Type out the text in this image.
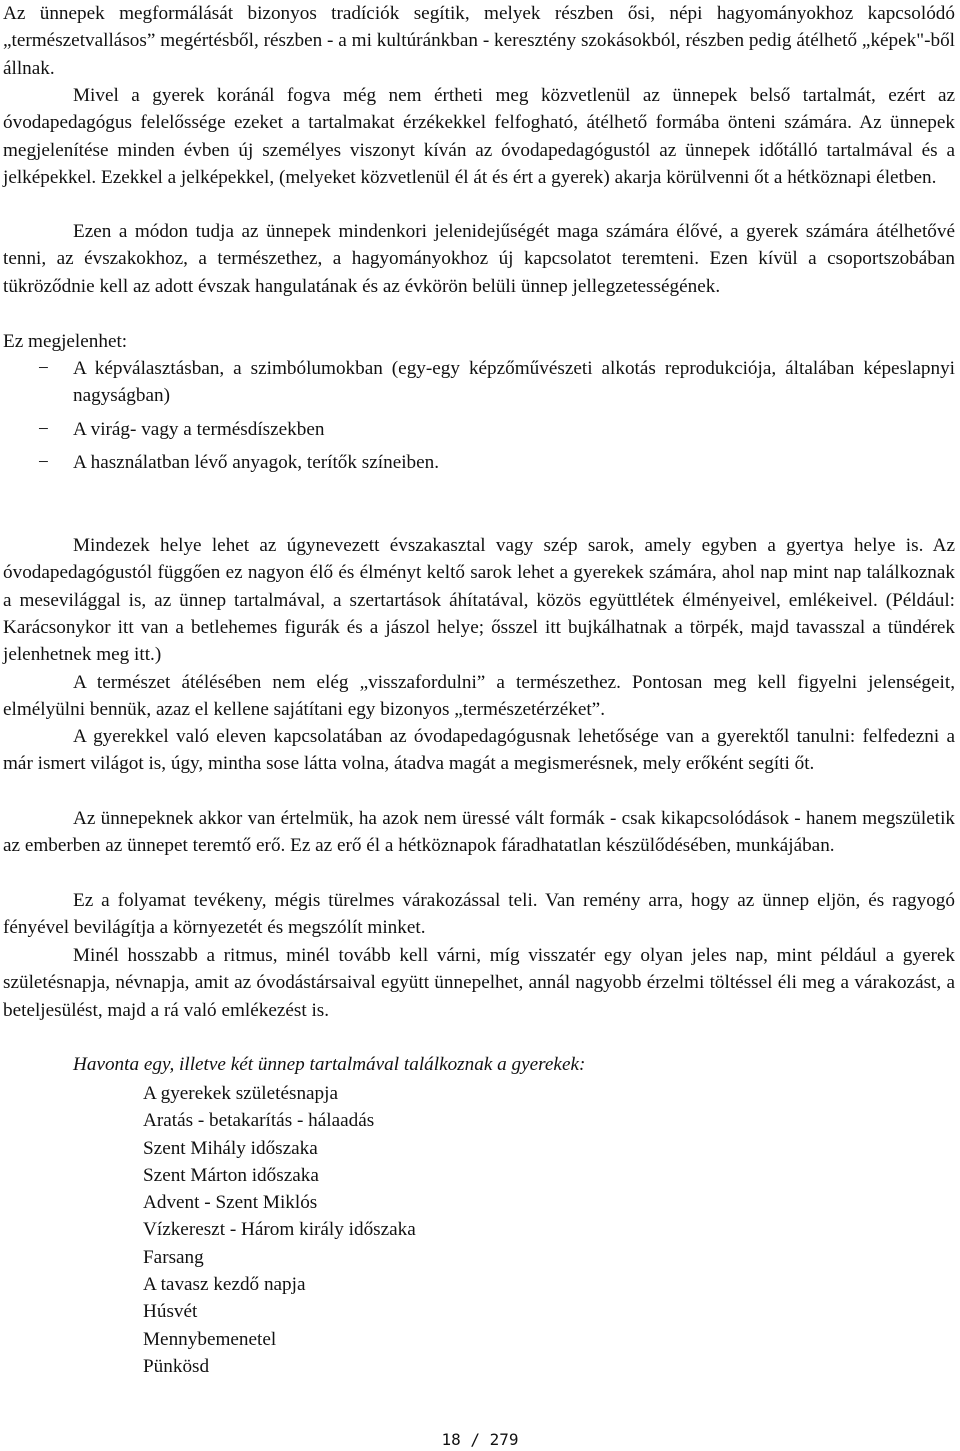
Az ünnepek megformálását bizonyos tradíciók segítik, melyek részben ősi, népi hagyományokhoz kapcsolódó „természetvallásos” megértésből, részben - a mi kultúránkban - keresztény szokásokból, részben pedig átélhető „képek"-ből állnak.

Mivel a gyerek koránál fogva még nem értheti meg közvetlenül az ünnepek belső tartalmát, ezért az óvodapedagógus felelőssége ezeket a tartalmakat érzékekkel felfogható, átélhető formába önteni számára. Az ünnepek megjelenítése minden évben új személyes viszonyt kíván az óvodapedagógustól az ünnepek időtálló tartalmával és a jelképekkel. Ezekkel a jelképekkel, (melyeket közvetlenül él át és ért a gyerek) akarja körülvenni őt a hétköznapi életben.

Ezen a módon tudja az ünnepek mindenkori jelenidejűségét maga számára élővé, a gyerek számára átélhetővé tenni, az évszakokhoz, a természethez, a hagyományokhoz új kapcsolatot teremteni. Ezen kívül a csoportszobában tükröződnie kell az adott évszak hangulatának és az évkörön belüli ünnep jellegzetességének.

Ez megjelenhet:

− A képválasztásban, a szimbólumokban (egy-egy képzőművészeti alkotás reprodukciója, általában képeslapnyi nagyságban)
− A virág- vagy a termésdíszekben
− A használatban lévő anyagok, terítők színeiben.

Mindezek helye lehet az úgynevezett évszakasztal vagy szép sarok, amely egyben a gyertya helye is. Az óvodapedagógustól függően ez nagyon élő és élményt keltő sarok lehet a gyerekek számára, ahol nap mint nap találkoznak a mesevilággal is, az ünnep tartalmával, a szertartások áhítatával, közös együttlétek élményeivel, emlékeivel. (Például: Karácsonykor itt van a betlehemes figurák és a jászol helye; ősszel itt bujkálhatnak a törpék, majd tavasszal a tündérek jelenhetnek meg itt.)

A természet átélésében nem elég „visszafordulni” a természethez. Pontosan meg kell figyelni jelenségeit, elmélyülni bennük, azaz el kellene sajátítani egy bizonyos „természetérzéket”.

A gyerekkel való eleven kapcsolatában az óvodapedagógusnak lehetősége van a gyerektől tanulni: felfedezni a már ismert világot is, úgy, mintha sose látta volna, átadva magát a megismerésnek, mely erőként segíti őt.

Az ünnepeknek akkor van értelmük, ha azok nem üressé vált formák - csak kikapcsolódások - hanem megszületik az emberben az ünnepet teremtő erő. Ez az erő él a hétköznapok fáradhatatlan készülődésében, munkájában.

Ez a folyamat tevékeny, mégis türelmes várakozással teli. Van remény arra, hogy az ünnep eljön, és ragyogó fényével bevilágítja a környezetét és megszólít minket.

Minél hosszabb a ritmus, minél tovább kell várni, míg visszatér egy olyan jeles nap, mint például a gyerek születésnapja, névnapja, amit az óvodástársaival együtt ünnepelhet, annál nagyobb érzelmi töltéssel éli meg a várakozást, a beteljesülést, majd a rá való emlékezést is.

Havonta egy, illetve két ünnep tartalmával találkoznak a gyerekek:

A gyerekek születésnapja
Aratás - betakarítás - hálaadás
Szent Mihály időszaka
Szent Márton időszaka
Advent - Szent Miklós
Vízkereszt - Három király időszaka
Farsang
A tavasz kezdő napja
Húsvét
Mennybemenetel
Pünkösd
18 / 279
